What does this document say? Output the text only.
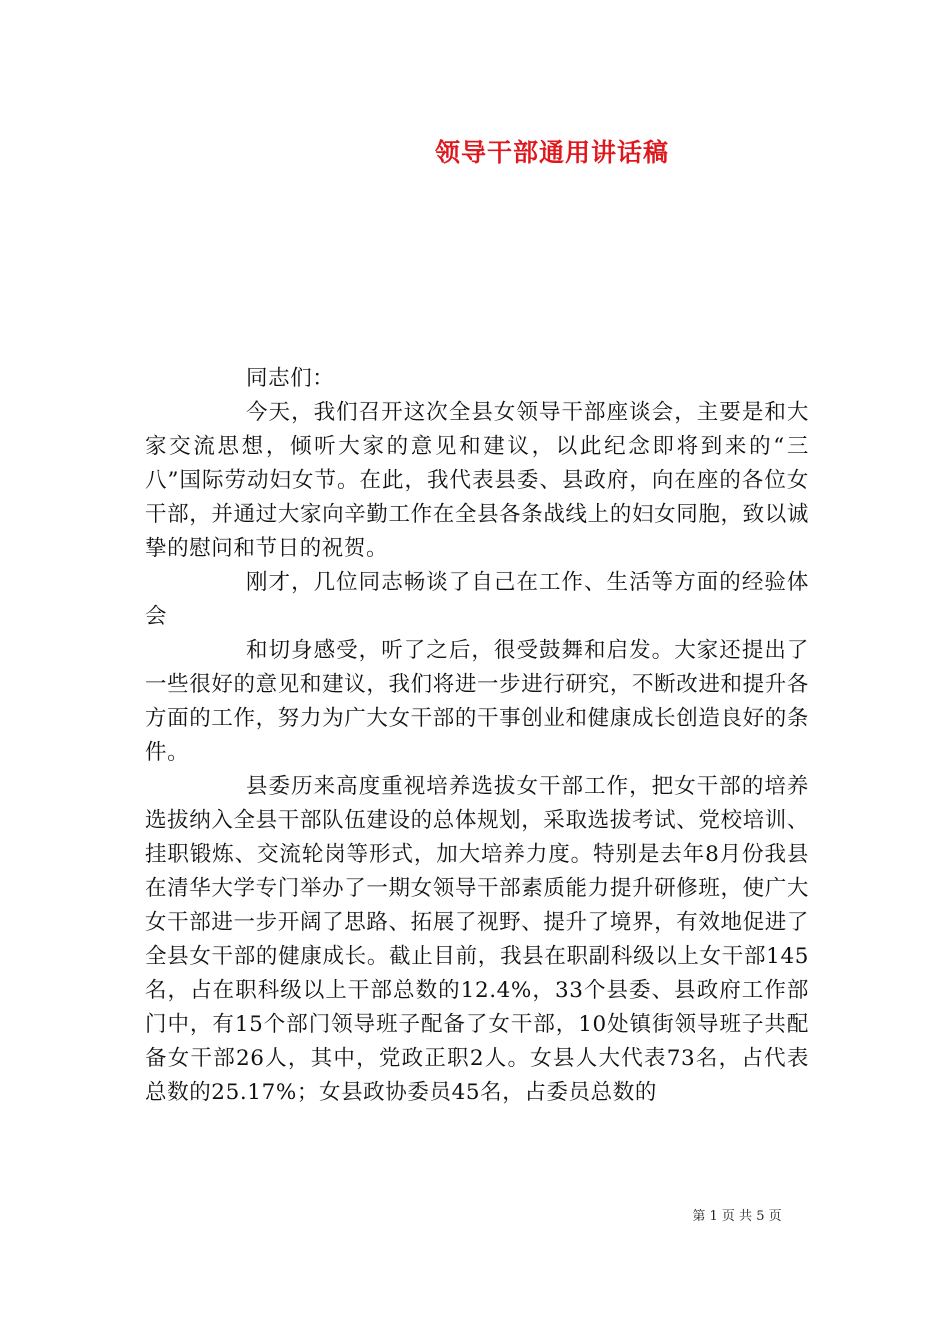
领导干部通用讲话稿

同志们：

今天，我们召开这次全县女领导干部座谈会，主要是和大家交流思想，倾听大家的意见和建议，以此纪念即将到来的“三八”国际劳动妇女节。在此，我代表县委、县政府，向在座的各位女干部，并通过大家向辛勤工作在全县各条战线上的妇女同胞，致以诚挚的慰问和节日的祝贺。

刚才，几位同志畅谈了自己在工作、生活等方面的经验体会

和切身感受，听了之后，很受鼓舞和启发。大家还提出了一些很好的意见和建议，我们将进一步进行研究，不断改进和提升各方面的工作，努力为广大女干部的干事创业和健康成长创造良好的条件。

县委历来高度重视培养选拔女干部工作，把女干部的培养选拔纳入全县干部队伍建设的总体规划，采取选拔考试、党校培训、挂职锻炼、交流轮岗等形式，加大培养力度。特别是去年8月份我县在清华大学专门举办了一期女领导干部素质能力提升研修班，使广大女干部进一步开阔了思路、拓展了视野、提升了境界，有效地促进了全县女干部的健康成长。截止目前，我县在职副科级以上女干部145名，占在职科级以上干部总数的12.4%，33个县委、县政府工作部门中，有15个部门领导班子配备了女干部，10处镇街领导班子共配备女干部26人，其中，党政正职2人。女县人大代表73名，占代表总数的25.17%；女县政协委员45名，占委员总数的

第 1 页 共 5 页
